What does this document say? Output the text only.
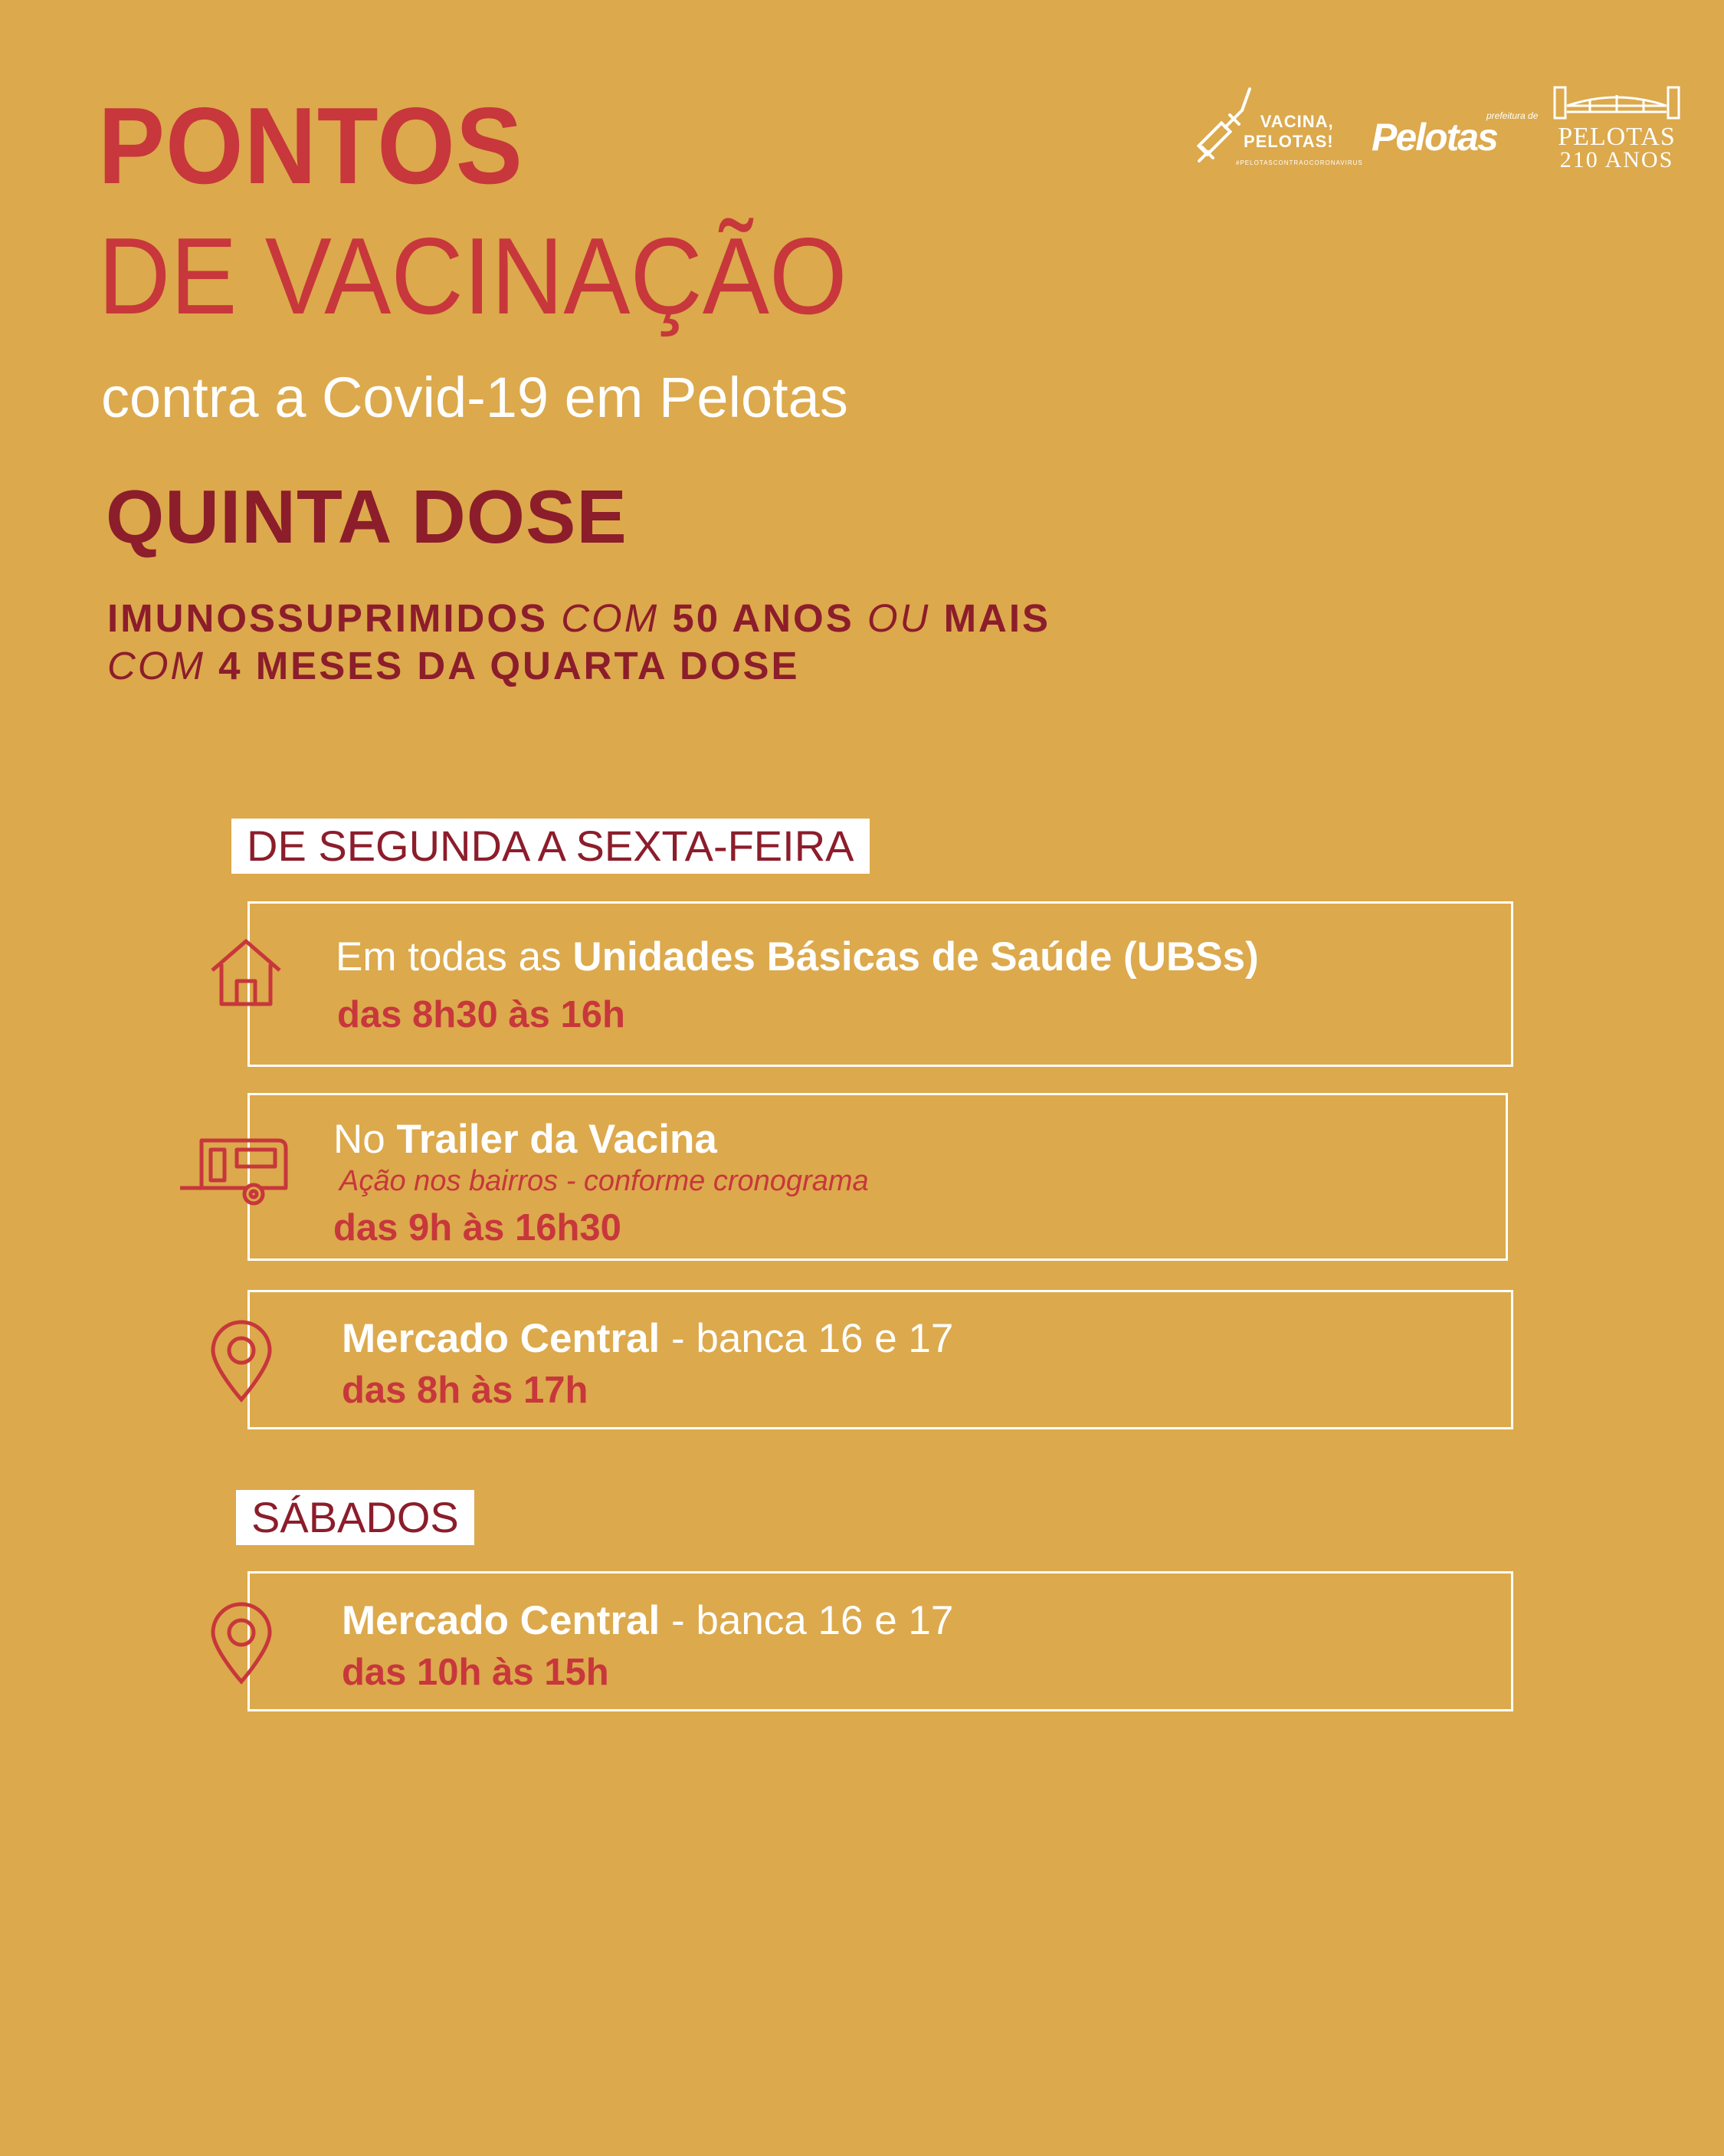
PONTOS
DE VACINAÇÃO
contra a Covid-19 em Pelotas
QUINTA DOSE
IMUNOSSUPRIMIDOS COM 50 ANOS OU MAIS
COM 4 MESES DA QUARTA DOSE
VACINA,
PELOTAS!
#PELOTASCONTRAOCORONAVIRUS
prefeitura de
Pelotas	PELOTAS
210 ANOS
DE SEGUNDA A SEXTA-FEIRA
Em todas as Unidades Básicas de Saúde (UBSs)
das 8h30 às 16h
No Trailer da Vacina
Ação nos bairros - conforme cronograma
das 9h às 16h30
Mercado Central - banca 16 e 17
das 8h às 17h
SÁBADOS
Mercado Central - banca 16 e 17
das 10h às 15h
